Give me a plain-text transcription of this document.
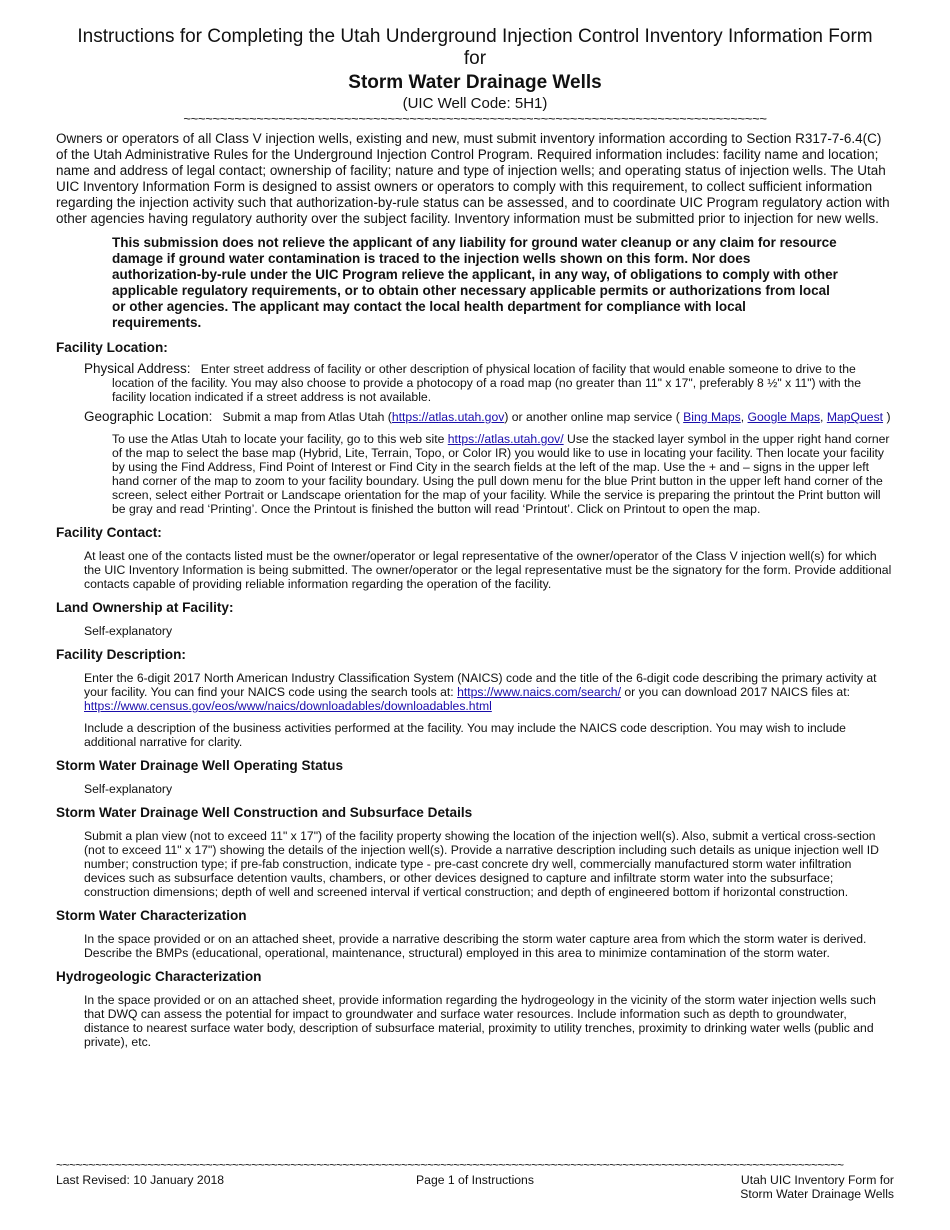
Instructions for Completing the Utah Underground Injection Control Inventory Information Form
for
Storm Water Drainage Wells
(UIC Well Code: 5H1)
~~~~~~~~~~~~~~~~~~~~~~~~~~~~~~~~~~~~~~~~~~~~~~~~~~~~~~~~~~~~~~~~~~~~~~~~~~~~~~~~
Owners or operators of all Class V injection wells, existing and new, must submit inventory information according to Section R317-7-6.4(C) of the Utah Administrative Rules for the Underground Injection Control Program. Required information includes: facility name and location; name and address of legal contact; ownership of facility; nature and type of injection wells; and operating status of injection wells. The Utah UIC Inventory Information Form is designed to assist owners or operators to comply with this requirement, to collect sufficient information regarding the injection activity such that authorization-by-rule status can be assessed, and to coordinate UIC Program regulatory action with other agencies having regulatory authority over the subject facility. Inventory information must be submitted prior to injection for new wells.
This submission does not relieve the applicant of any liability for ground water cleanup or any claim for resource damage if ground water contamination is traced to the injection wells shown on this form. Nor does authorization-by-rule under the UIC Program relieve the applicant, in any way, of obligations to comply with other applicable regulatory requirements, or to obtain other necessary applicable permits or authorizations from local or other agencies. The applicant may contact the local health department for compliance with local requirements.
Facility Location:
Physical Address: Enter street address of facility or other description of physical location of facility that would enable someone to drive to the location of the facility. You may also choose to provide a photocopy of a road map (no greater than 11" x 17", preferably 8 ½" x 11") with the facility location indicated if a street address is not available.
Geographic Location: Submit a map from Atlas Utah (https://atlas.utah.gov) or another online map service ( Bing Maps, Google Maps, MapQuest )
To use the Atlas Utah to locate your facility, go to this web site https://atlas.utah.gov/ Use the stacked layer symbol in the upper right hand corner of the map to select the base map (Hybrid, Lite, Terrain, Topo, or Color IR) you would like to use in locating your facility. Then locate your facility by using the Find Address, Find Point of Interest or Find City in the search fields at the left of the map. Use the + and – signs in the upper left hand corner of the map to zoom to your facility boundary. Using the pull down menu for the blue Print button in the upper left hand corner of the screen, select either Portrait or Landscape orientation for the map of your facility. While the service is preparing the printout the Print button will be gray and read ‘Printing’. Once the Printout is finished the button will read ‘Printout’. Click on Printout to open the map.
Facility Contact:
At least one of the contacts listed must be the owner/operator or legal representative of the owner/operator of the Class V injection well(s) for which the UIC Inventory Information is being submitted. The owner/operator or the legal representative must be the signatory for the form. Provide additional contacts capable of providing reliable information regarding the operation of the facility.
Land Ownership at Facility:
Self-explanatory
Facility Description:
Enter the 6-digit 2017 North American Industry Classification System (NAICS) code and the title of the 6-digit code describing the primary activity at your facility. You can find your NAICS code using the search tools at: https://www.naics.com/search/ or you can download 2017 NAICS files at: https://www.census.gov/eos/www/naics/downloadables/downloadables.html
Include a description of the business activities performed at the facility. You may include the NAICS code description. You may wish to include additional narrative for clarity.
Storm Water Drainage Well Operating Status
Self-explanatory
Storm Water Drainage Well Construction and Subsurface Details
Submit a plan view (not to exceed 11" x 17") of the facility property showing the location of the injection well(s). Also, submit a vertical cross-section (not to exceed 11" x 17") showing the details of the injection well(s). Provide a narrative description including such details as unique injection well ID number; construction type; if pre-fab construction, indicate type - pre-cast concrete dry well, commercially manufactured storm water infiltration devices such as subsurface detention vaults, chambers, or other devices designed to capture and infiltrate storm water into the subsurface; construction dimensions; depth of well and screened interval if vertical construction; and depth of engineered bottom if horizontal construction.
Storm Water Characterization
In the space provided or on an attached sheet, provide a narrative describing the storm water capture area from which the storm water is derived. Describe the BMPs (educational, operational, maintenance, structural) employed in this area to minimize contamination of the storm water.
Hydrogeologic Characterization
In the space provided or on an attached sheet, provide information regarding the hydrogeology in the vicinity of the storm water injection wells such that DWQ can assess the potential for impact to groundwater and surface water resources. Include information such as depth to groundwater, distance to nearest surface water body, description of subsurface material, proximity to utility trenches, proximity to drinking water wells (public and private), etc.
~~~~~~~~~~~~~~~~~~~~~~~~~~~~~~~~~~~~~~~~~~~~~~~~~~~~~~~~~~~~~~~~~~~~~~~~~~~~~~~~~~~~~~~~~~~~~~~~~~~~~~~~~~~~~~~~~~~~~~~~~
Last Revised: 10 January 2018	Page 1 of Instructions	Utah UIC Inventory Form for
Storm Water Drainage Wells
